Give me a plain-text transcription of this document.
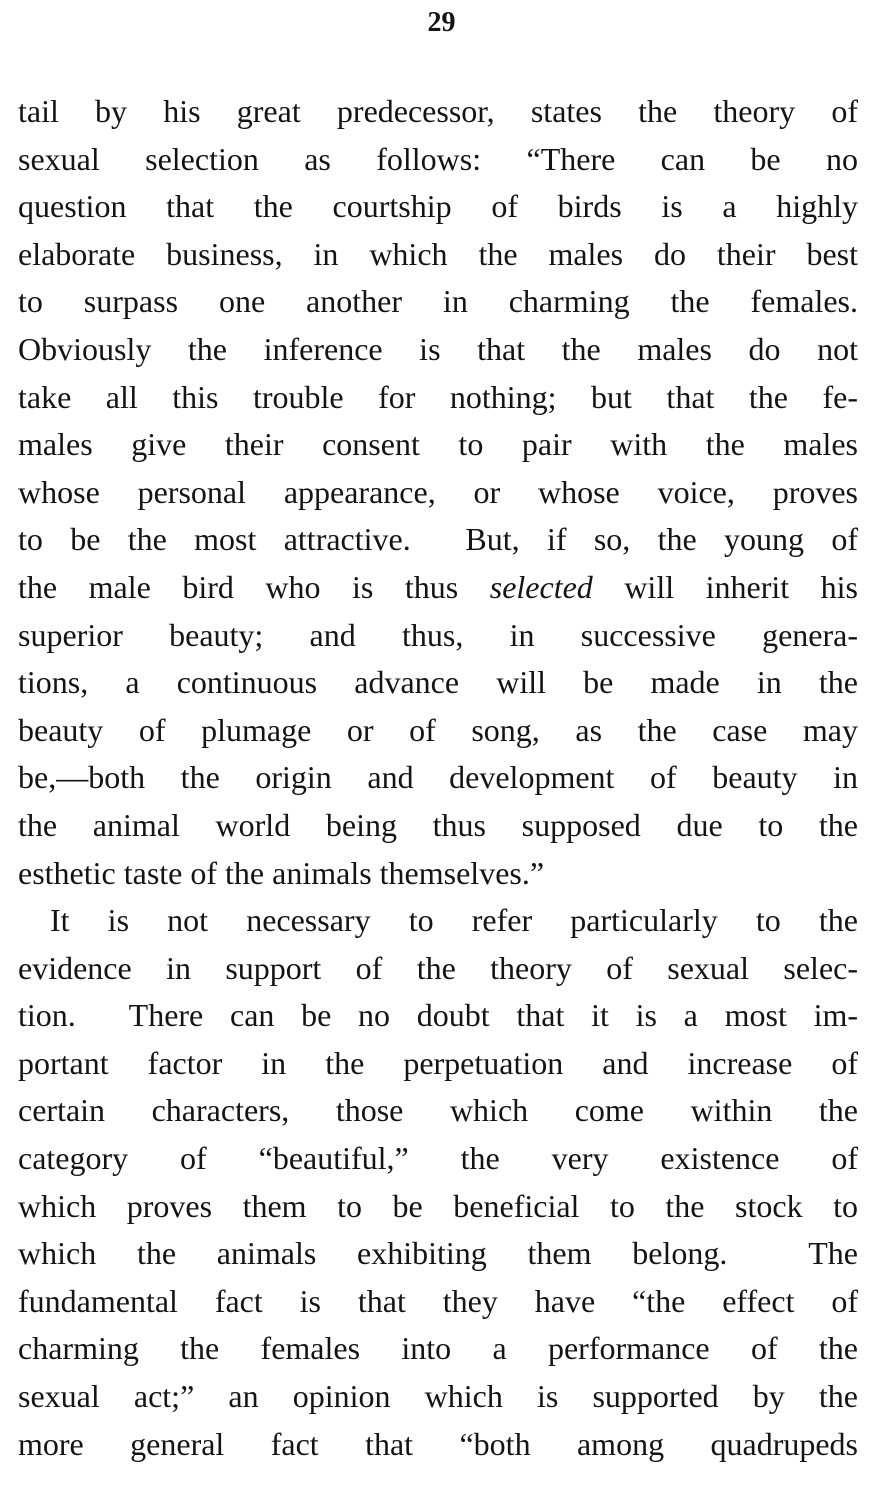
29
tail by his great predecessor, states the theory of
sexual selection as follows: “There can be no
question that the courtship of birds is a highly
elaborate business, in which the males do their best
to surpass one another in charming the females.
Obviously the inference is that the males do not
take all this trouble for nothing; but that the fe-
males give their consent to pair with the males
whose personal appearance, or whose voice, proves
to be the most attractive.  But, if so, the young of
the male bird who is thus selected will inherit his
superior beauty; and thus, in successive genera-
tions, a continuous advance will be made in the
beauty of plumage or of song, as the case may
be,—both the origin and development of beauty in
the animal world being thus supposed due to the
esthetic taste of the animals themselves.”
It is not necessary to refer particularly to the
evidence in support of the theory of sexual selec-
tion.  There can be no doubt that it is a most im-
portant factor in the perpetuation and increase of
certain characters, those which come within the
category of “beautiful,” the very existence of
which proves them to be beneficial to the stock to
which the animals exhibiting them belong.  The
fundamental fact is that they have “the effect of
charming the females into a performance of the
sexual act;” an opinion which is supported by the
more general fact that “both among quadrupeds
